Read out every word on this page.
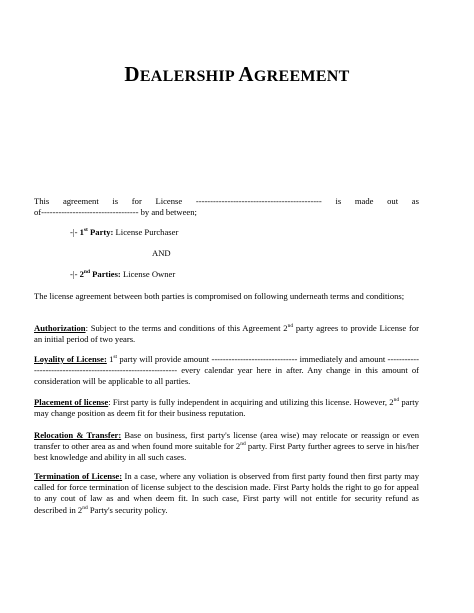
DEALERSHIP AGREEMENT
This agreement is for License -------------------------------------------- is made out as
of---------------------------------- by and between;
-|- 1st Party: License Purchaser
AND
-|- 2nd Parties: License Owner
The license agreement between both parties is compromised on following underneath terms and conditions;
Authorization: Subject to the terms and conditions of this Agreement 2nd party agrees to provide License for an initial period of two years.
Loyality of License: 1st party will provide amount ------------------------------ immediately and amount ------------------------------------------------------------- every calendar year here in after. Any change in this amount of consideration will be applicable to all parties.
Placement of license: First party is fully independent in acquiring and utilizing this license. However, 2nd party may change position as deem fit for their business reputation.
Relocation & Transfer: Base on business, first party's license (area wise) may relocate or reassign or even transfer to other area as and when found more suitable for 2nd party. First Party further agrees to serve in his/her best knowledge and ability in all such cases.
Termination of License: In a case, where any voliation is observed from first party found then first party may called for force termination of license subject to the descision made. First Party holds the right to go for appeal to any cout of law as and when deem fit. In such case, First party will not entitle for security refund as described in 2nd Party's security policy.
